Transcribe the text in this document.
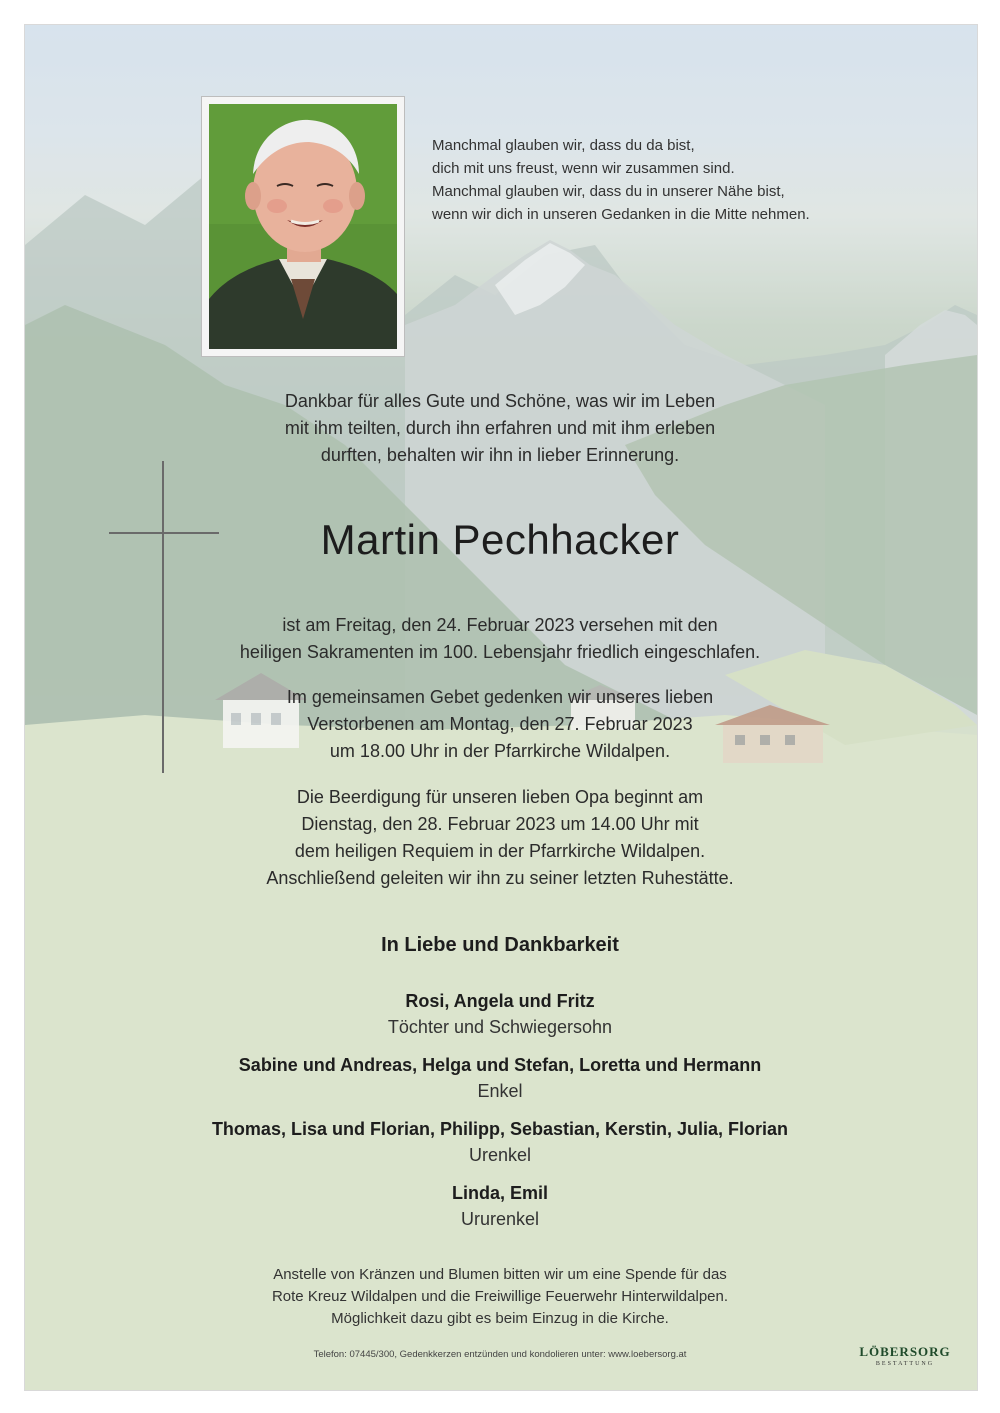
Manchmal glauben wir, dass du da bist,
dich mit uns freust, wenn wir zusammen sind.
Manchmal glauben wir, dass du in unserer Nähe bist,
wenn wir dich in unseren Gedanken in die Mitte nehmen.
Dankbar für alles Gute und Schöne, was wir im Leben
mit ihm teilten, durch ihn erfahren und mit ihm erleben
durften, behalten wir ihn in lieber Erinnerung.
Martin Pechhacker
ist am Freitag, den 24. Februar 2023 versehen mit den
heiligen Sakramenten im 100. Lebensjahr friedlich eingeschlafen.
Im gemeinsamen Gebet gedenken wir unseres lieben
Verstorbenen am Montag, den 27. Februar 2023
um 18.00 Uhr in der Pfarrkirche Wildalpen.
Die Beerdigung für unseren lieben Opa beginnt am
Dienstag, den 28. Februar 2023 um 14.00 Uhr mit
dem heiligen Requiem in der Pfarrkirche Wildalpen.
Anschließend geleiten wir ihn zu seiner letzten Ruhestätte.
In Liebe und Dankbarkeit
Rosi, Angela und Fritz
Töchter und Schwiegersohn
Sabine und Andreas, Helga und Stefan, Loretta und Hermann
Enkel
Thomas, Lisa und Florian, Philipp, Sebastian, Kerstin, Julia, Florian
Urenkel
Linda, Emil
Ururenkel
Anstelle von Kränzen und Blumen bitten wir um eine Spende für das
Rote Kreuz Wildalpen und die Freiwillige Feuerwehr Hinterwildalpen.
Möglichkeit dazu gibt es beim Einzug in die Kirche.
Telefon: 07445/300, Gedenkkerzen entzünden und kondolieren unter: www.loebersorg.at	LÖBERSORG
BESTATTUNG
